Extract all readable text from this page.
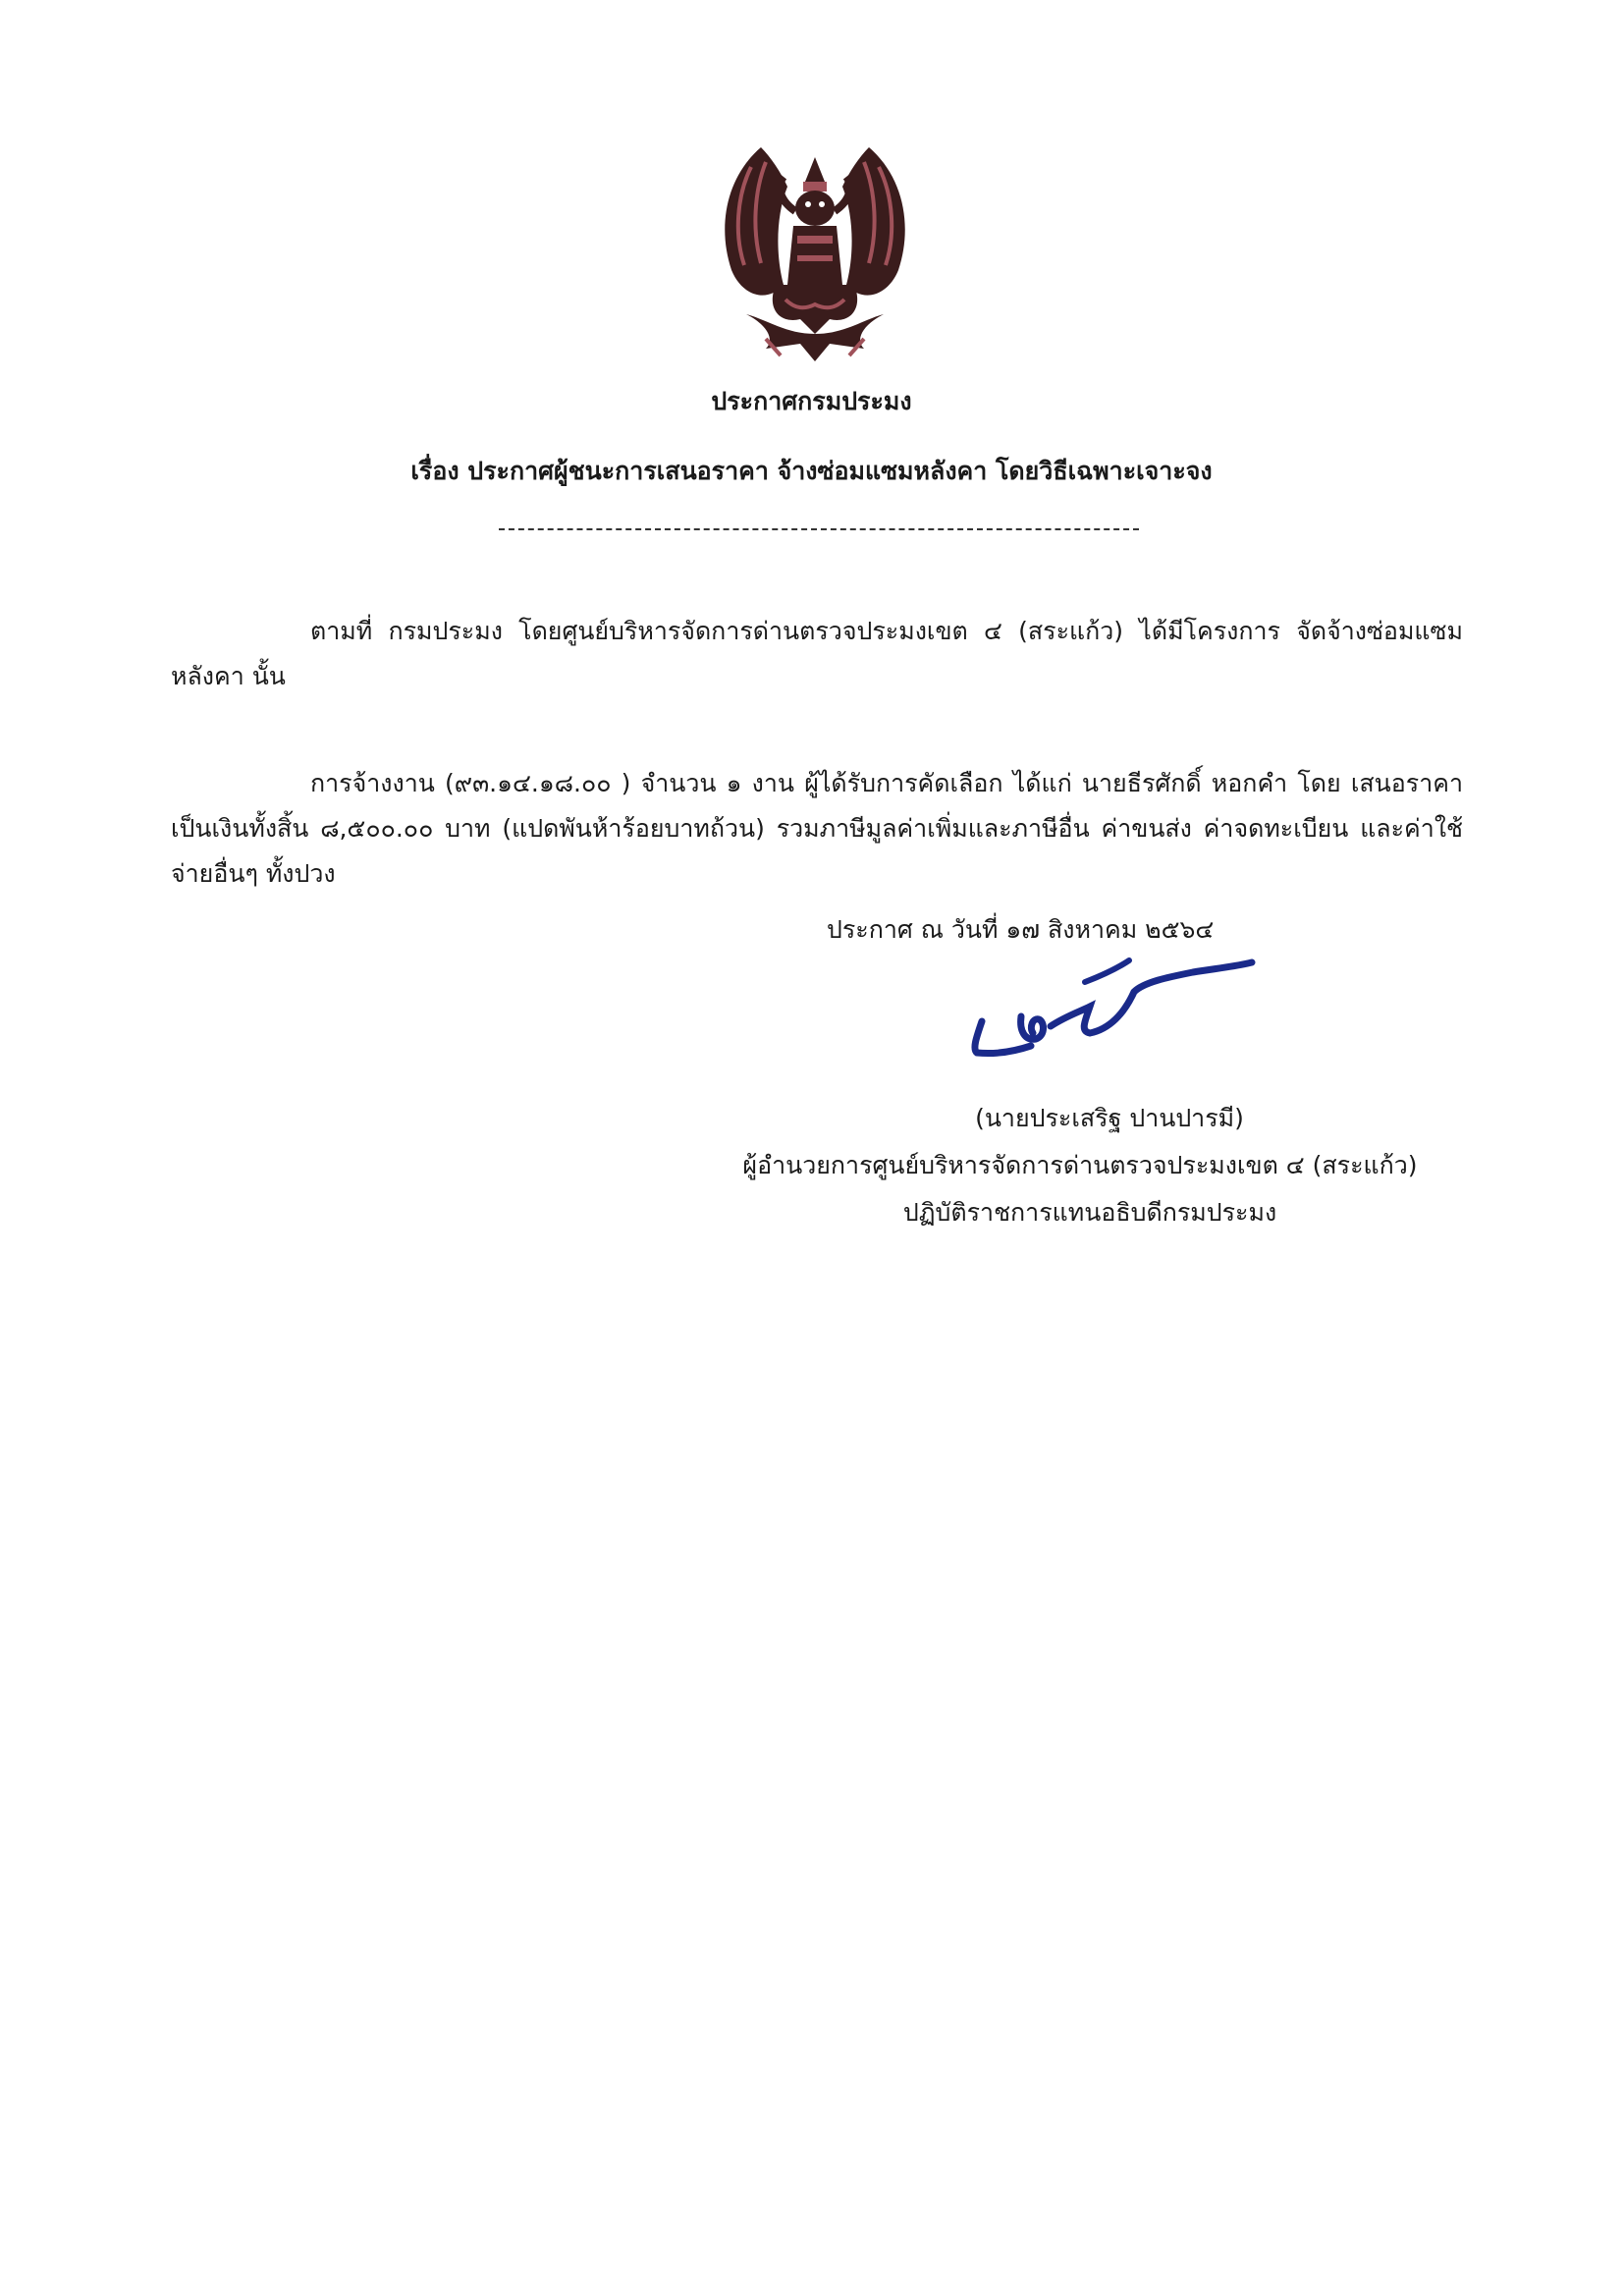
ประกาศกรมประมง
เรื่อง ประกาศผู้ชนะการเสนอราคา จ้างซ่อมแซมหลังคา โดยวิธีเฉพาะเจาะจง
ตามที่ กรมประมง โดยศูนย์บริหารจัดการด่านตรวจประมงเขต ๔ (สระแก้ว) ได้มีโครงการ จัดจ้างซ่อมแซมหลังคา นั้น
การจ้างงาน (๙๓.๑๔.๑๘.๐๐ ) จำนวน ๑ งาน ผู้ได้รับการคัดเลือก ได้แก่ นายธีรศักดิ์ หอกคำ โดย เสนอราคา เป็นเงินทั้งสิ้น ๘,๕๐๐.๐๐ บาท (แปดพันห้าร้อยบาทถ้วน) รวมภาษีมูลค่าเพิ่มและภาษีอื่น ค่าขนส่ง ค่าจดทะเบียน และค่าใช้จ่ายอื่นๆ ทั้งปวง
ประกาศ ณ วันที่ ๑๗ สิงหาคม ๒๕๖๔
(นายประเสริฐ ปานปารมี)
ผู้อำนวยการศูนย์บริหารจัดการด่านตรวจประมงเขต ๔ (สระแก้ว)
ปฏิบัติราชการแทนอธิบดีกรมประมง
